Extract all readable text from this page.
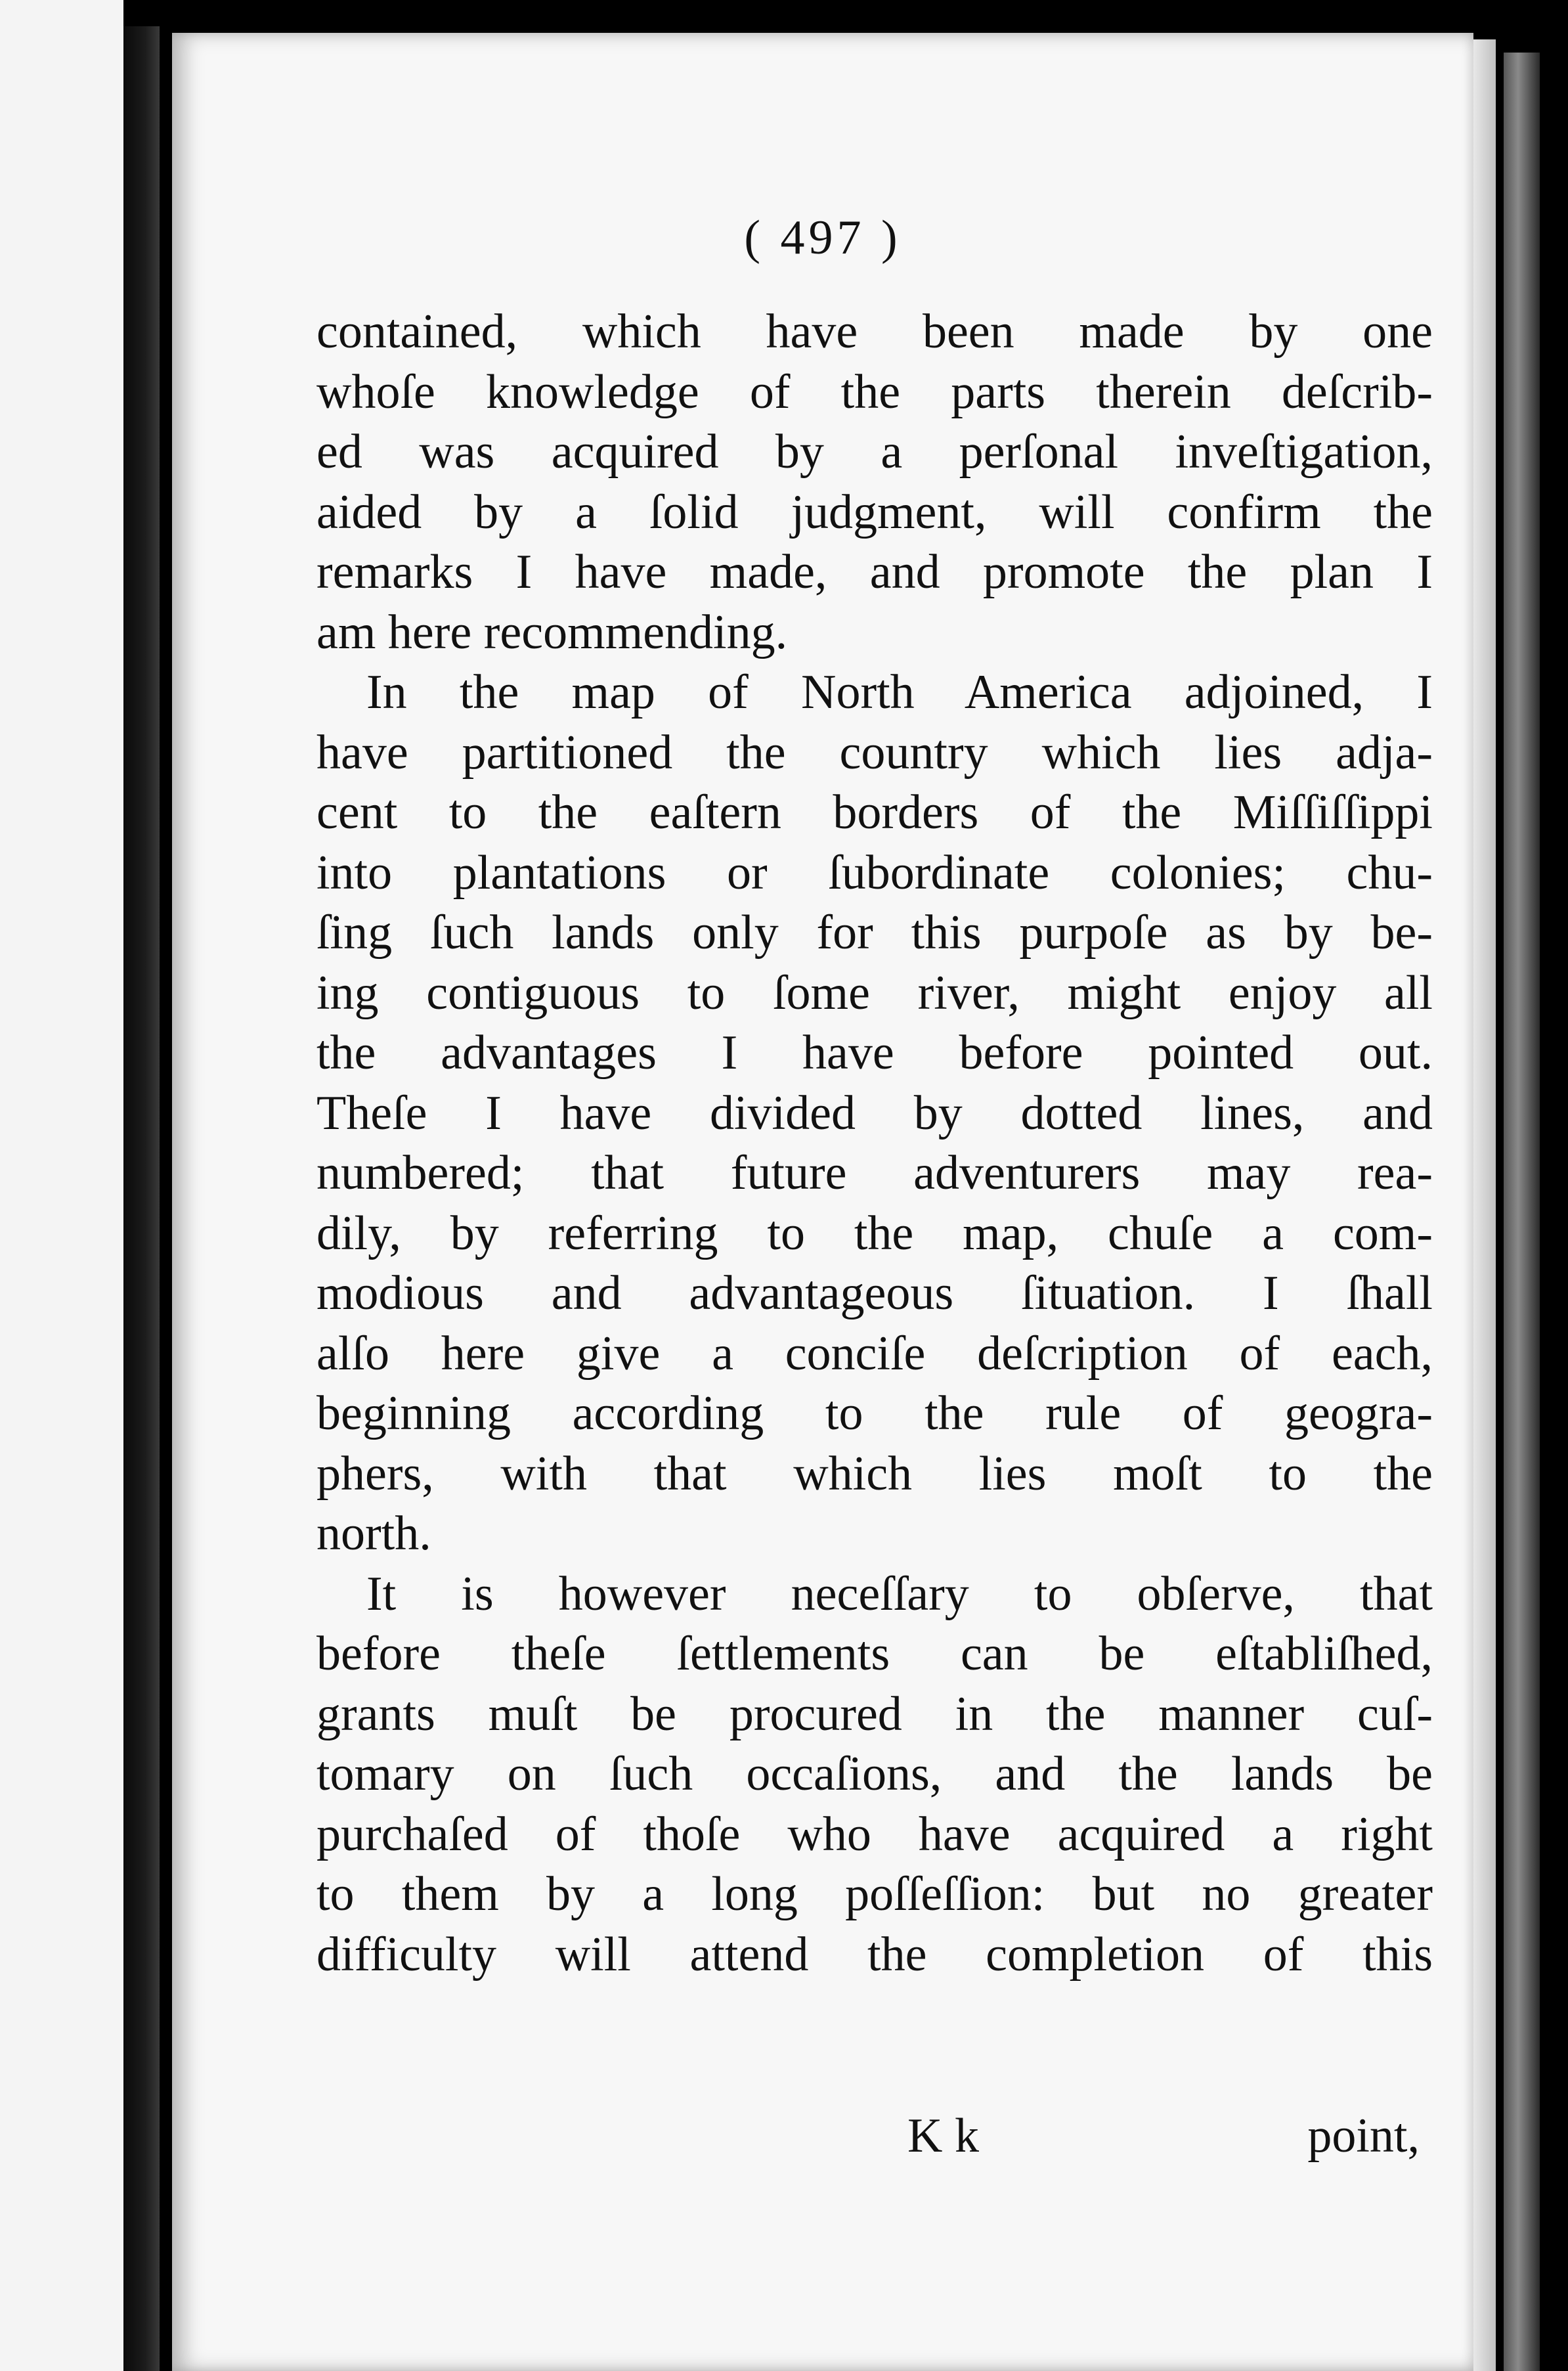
( 497 )
contained, which have been made by one
whoſe knowledge of the parts therein deſcrib-
ed was acquired by a perſonal inveſtigation,
aided by a ſolid judgment, will confirm the
remarks I have made, and promote the plan I
am here recommending.
In the map of North America adjoined, I
have partitioned the country which lies adja-
cent to the eaſtern borders of the Miſſiſſippi
into plantations or ſubordinate colonies; chu-
ſing ſuch lands only for this purpoſe as by be-
ing contiguous to ſome river, might enjoy all
the advantages I have before pointed out.
Theſe I have divided by dotted lines, and
numbered; that future adventurers may rea-
dily, by referring to the map, chuſe a com-
modious and advantageous ſituation. I ſhall
alſo here give a conciſe deſcription of each,
beginning according to the rule of geogra-
phers, with that which lies moſt to the
north.
It is however neceſſary to obſerve, that
before theſe ſettlements can be eſtabliſhed,
grants muſt be procured in the manner cuſ-
tomary on ſuch occaſions, and the lands be
purchaſed of thoſe who have acquired a right
to them by a long poſſeſſion: but no greater
difficulty will attend the completion of this
K k	point,
